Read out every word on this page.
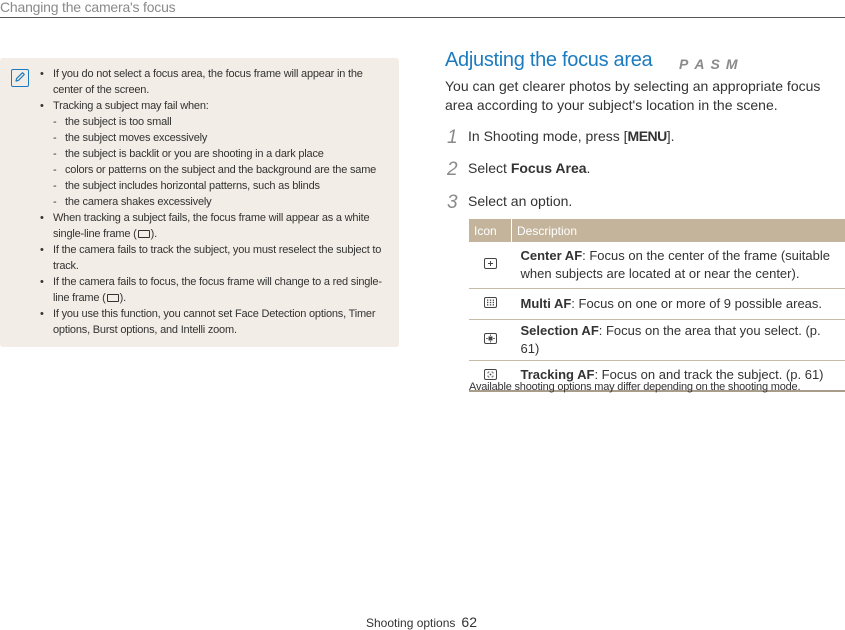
Changing the camera's focus
• If you do not select a focus area, the focus frame will appear in the center of the screen.
• Tracking a subject may fail when:
- the subject is too small
- the subject moves excessively
- the subject is backlit or you are shooting in a dark place
- colors or patterns on the subject and the background are the same
- the subject includes horizontal patterns, such as blinds
- the camera shakes excessively
• When tracking a subject fails, the focus frame will appear as a white single-line frame ( ).
• If the camera fails to track the subject, you must reselect the subject to track.
• If the camera fails to focus, the focus frame will change to a red single-line frame ( ).
• If you use this function, you cannot set Face Detection options, Timer options, Burst options, and Intelli zoom.
Adjusting the focus area P A S M
You can get clearer photos by selecting an appropriate focus area according to your subject's location in the scene.
1 In Shooting mode, press [MENU].
2 Select Focus Area.
3 Select an option.
Icon	Description

	Center AF: Focus on the center of the frame (suitable when subjects are located at or near the center).

	Multi AF: Focus on one or more of 9 possible areas.

	Selection AF: Focus on the area that you select. (p. 61)

	Tracking AF: Focus on and track the subject. (p. 61)
Available shooting options may differ depending on the shooting mode.
Shooting options 62
